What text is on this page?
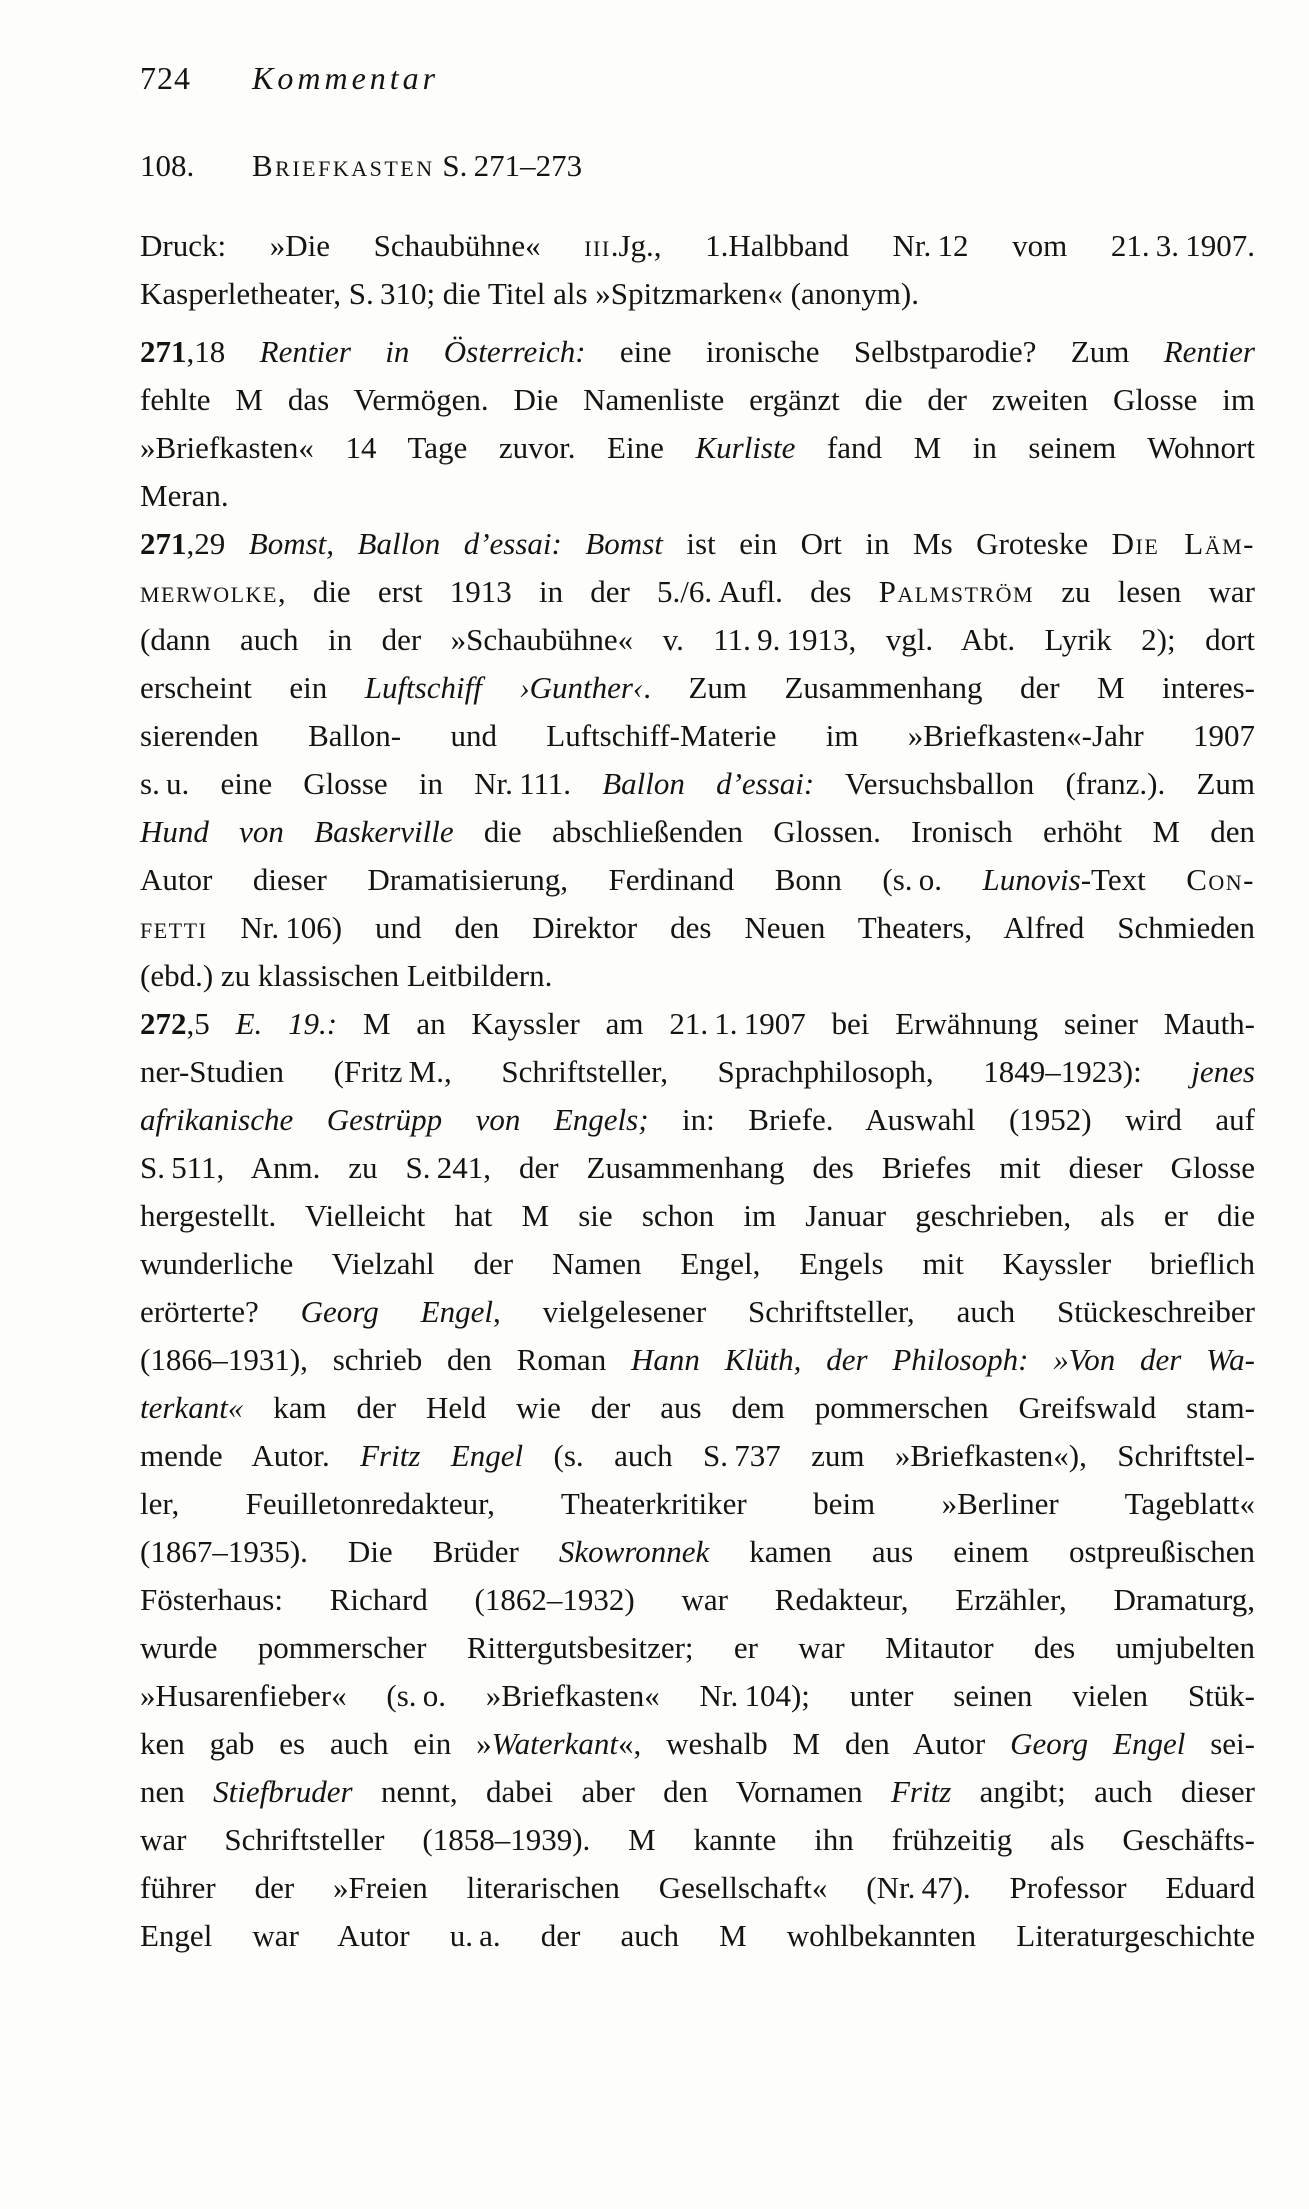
724	Kommentar
108.	Briefkasten S. 271–273
Druck: »Die Schaubühne« iii.Jg., 1.Halbband Nr. 12 vom 21. 3. 1907.
Kasperletheater, S. 310; die Titel als »Spitzmarken« (anonym).
271,18 Rentier in Österreich: eine ironische Selbstparodie? Zum Rentier
fehlte M das Vermögen. Die Namenliste ergänzt die der zweiten Glosse im
»Briefkasten« 14 Tage zuvor. Eine Kurliste fand M in seinem Wohnort
Meran.
271,29 Bomst, Ballon d’essai: Bomst ist ein Ort in Ms Groteske Die Läm-
merwolke, die erst 1913 in der 5./6. Aufl. des Palmström zu lesen war
(dann auch in der »Schaubühne« v. 11. 9. 1913, vgl. Abt. Lyrik 2); dort
erscheint ein Luftschiff ›Gunther‹. Zum Zusammenhang der M interes-
sierenden Ballon- und Luftschiff-Materie im »Briefkasten«-Jahr 1907
s. u. eine Glosse in Nr. 111. Ballon d’essai: Versuchsballon (franz.). Zum
Hund von Baskerville die abschließenden Glossen. Ironisch erhöht M den
Autor dieser Dramatisierung, Ferdinand Bonn (s. o. Lunovis-Text Con-
fetti Nr. 106) und den Direktor des Neuen Theaters, Alfred Schmieden
(ebd.) zu klassischen Leitbildern.
272,5 E. 19.: M an Kayssler am 21. 1. 1907 bei Erwähnung seiner Mauth-
ner-Studien (Fritz M., Schriftsteller, Sprachphilosoph, 1849–1923): jenes
afrikanische Gestrüpp von Engels; in: Briefe. Auswahl (1952) wird auf
S. 511, Anm. zu S. 241, der Zusammenhang des Briefes mit dieser Glosse
hergestellt. Vielleicht hat M sie schon im Januar geschrieben, als er die
wunderliche Vielzahl der Namen Engel, Engels mit Kayssler brieflich
erörterte? Georg Engel, vielgelesener Schriftsteller, auch Stückeschreiber
(1866–1931), schrieb den Roman Hann Klüth, der Philosoph: »Von der Wa-
terkant« kam der Held wie der aus dem pommerschen Greifswald stam-
mende Autor. Fritz Engel (s. auch S. 737 zum »Briefkasten«), Schriftstel-
ler, Feuilletonredakteur, Theaterkritiker beim »Berliner Tageblatt«
(1867–1935). Die Brüder Skowronnek kamen aus einem ostpreußischen
Fösterhaus: Richard (1862–1932) war Redakteur, Erzähler, Dramaturg,
wurde pommerscher Rittergutsbesitzer; er war Mitautor des umjubelten
»Husarenfieber« (s. o. »Briefkasten« Nr. 104); unter seinen vielen Stük-
ken gab es auch ein »Waterkant«, weshalb M den Autor Georg Engel sei-
nen Stiefbruder nennt, dabei aber den Vornamen Fritz angibt; auch dieser
war Schriftsteller (1858–1939). M kannte ihn frühzeitig als Geschäfts-
führer der »Freien literarischen Gesellschaft« (Nr. 47). Professor Eduard
Engel war Autor u. a. der auch M wohlbekannten Literaturgeschichte
